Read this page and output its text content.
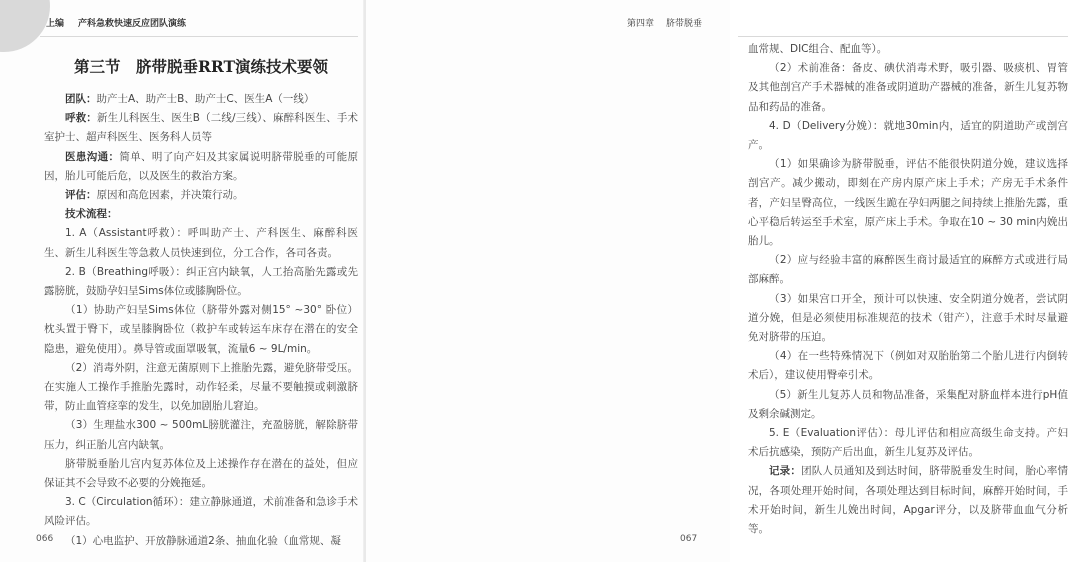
上编 产科急救快速反应团队演练
第三节　脐带脱垂RRT演练技术要领

团队：助产士A、助产士B、助产士C、医生A（一线）

呼救：新生儿科医生、医生B（二线/三线）、麻醉科医生、手术室护士、超声科医生、医务科人员等

医患沟通：简单、明了向产妇及其家属说明脐带脱垂的可能原因，胎儿可能后危，以及医生的救治方案。

评估：原因和高危因素，并决策行动。

技术流程：

1. A（Assistant呼救）：呼叫助产士、产科医生、麻醉科医生、新生儿科医生等急救人员快速到位，分工合作，各司各责。

2. B（Breathing呼吸）：纠正宫内缺氧，人工抬高胎先露或先露膀胱，鼓励孕妇呈Sims体位或膝胸卧位。

（1）协助产妇呈Sims体位（脐带外露对侧15° ~30° 卧位）枕头置于臀下，或呈膝胸卧位（救护车或转运车床存在潜在的安全隐患，避免使用）。鼻导管或面罩吸氧，流量6 ~ 9L/min。

（2）消毒外阴，注意无菌原则下上推胎先露，避免脐带受压。在实施人工操作手推胎先露时，动作轻柔，尽量不要触摸或刺激脐带，防止血管痉挛的发生，以免加剧胎儿窘迫。

（3）生理盐水300 ~ 500mL膀胱灌注，充盈膀胱，解除脐带压力，纠正胎儿宫内缺氧。

脐带脱垂胎儿宫内复苏体位及上述操作存在潜在的益处，但应保证其不会导致不必要的分娩拖延。

3. C（Circulation循环）：建立静脉通道，术前准备和急诊手术风险评估。

（1）心电监护、开放静脉通道2条、抽血化验（血常规、凝

066
第四章 脐带脱垂

血常规、DIC组合、配血等）。

（2）术前准备：备皮、碘伏消毒术野，吸引器、吸痰机、胃管及其他剖宫产手术器械的准备或阴道助产器械的准备，新生儿复苏物品和药品的准备。

4. D（Delivery分娩）：就地30min内，适宜的阴道助产或剖宫产。

（1）如果确诊为脐带脱垂，评估不能很快阴道分娩，建议选择剖宫产。减少搬动，即刻在产房内原产床上手术；产房无手术条件者，产妇呈臀高位，一线医生跪在孕妇两腿之间持续上推胎先露，重心平稳后转运至手术室，原产床上手术。争取在10 ~ 30 min内娩出胎儿。

（2）应与经验丰富的麻醉医生商讨最适宜的麻醉方式或进行局部麻醉。

（3）如果宫口开全，预计可以快速、安全阴道分娩者，尝试阴道分娩，但是必须使用标准规范的技术（钳产），注意手术时尽量避免对脐带的压迫。

（4）在一些特殊情况下（例如对双胎胎第二个胎儿进行内倒转术后），建议使用臀牵引术。

（5）新生儿复苏人员和物品准备，采集配对脐血样本进行pH值及剩余碱测定。

5. E（Evaluation评估）：母儿评估和相应高级生命支持。产妇术后抗感染，预防产后出血，新生儿复苏及评估。

记录：团队人员通知及到达时间，脐带脱垂发生时间，胎心率情况，各项处理开始时间，各项处理达到目标时间，麻醉开始时间，手术开始时间，新生儿娩出时间，Apgar评分，以及脐带血血气分析等。

067
